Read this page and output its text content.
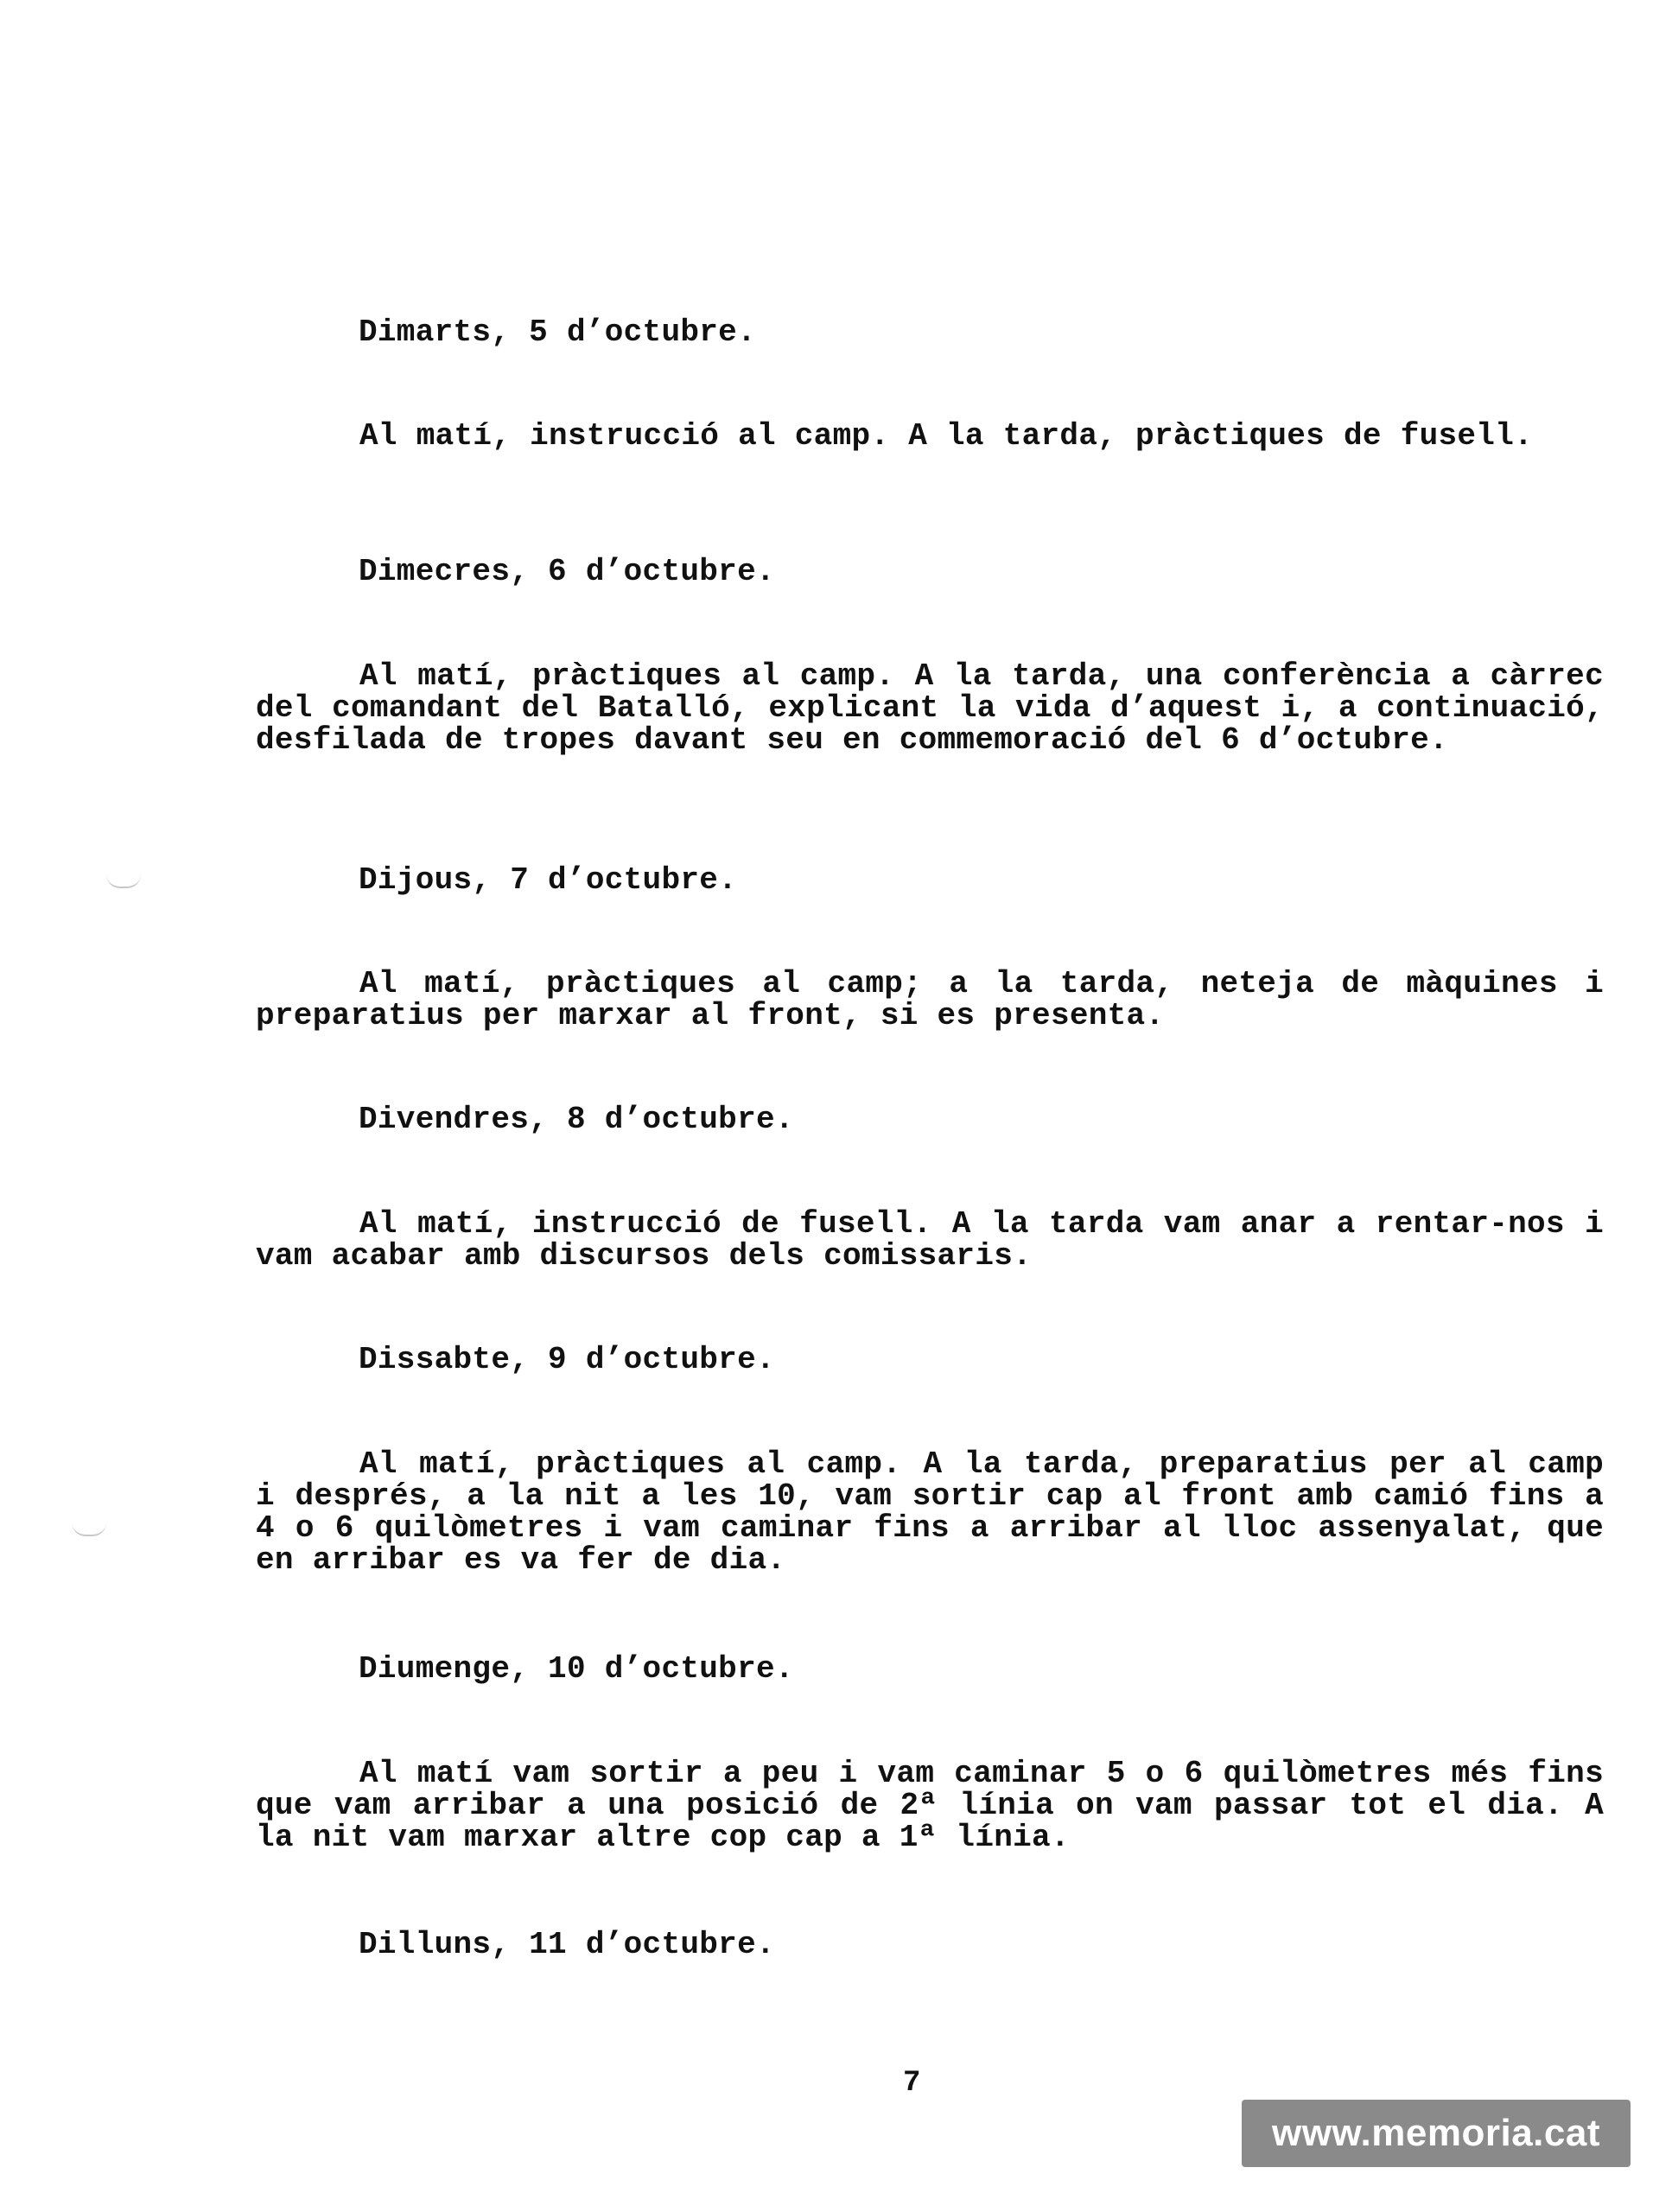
Dimarts, 5 d’octubre.

Al matí, instrucció al camp. A la tarda, pràctiques de fusell.

Dimecres, 6 d’octubre.

Al matí, pràctiques al camp. A la tarda, una conferència a càrrec del comandant del Batalló, explicant la vida d’aquest i, a continuació, desfilada de tropes davant seu en commemoració del 6 d’octubre.

Dijous, 7 d’octubre.

Al matí, pràctiques al camp; a la tarda, neteja de màquines i preparatius per marxar al front, si es presenta.

Divendres, 8 d’octubre.

Al matí, instrucció de fusell. A la tarda vam anar a rentar-nos i vam acabar amb discursos dels comissaris.

Dissabte, 9 d’octubre.

Al matí, pràctiques al camp. A la tarda, preparatius per al camp i després, a la nit a les 10, vam sortir cap al front amb camió fins a 4 o 6 quilòmetres i vam caminar fins a arribar al lloc assenyalat, que en arribar es va fer de dia.

Diumenge, 10 d’octubre.

Al matí vam sortir a peu i vam caminar 5 o 6 quilòmetres més fins que vam arribar a una posició de 2ª línia on vam passar tot el dia. A la nit vam marxar altre cop cap a 1ª línia.

Dilluns, 11 d’octubre.
7
www.memoria.cat
